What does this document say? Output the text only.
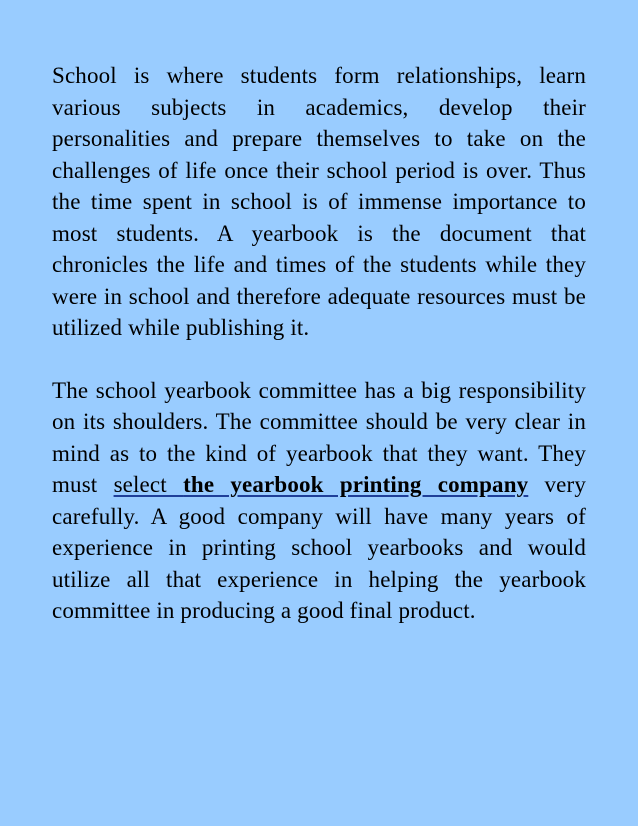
School is where students form relationships, learn various subjects in academics, develop their personalities and prepare themselves to take on the challenges of life once their school period is over. Thus the time spent in school is of immense importance to most students. A yearbook is the document that chronicles the life and times of the students while they were in school and therefore adequate resources must be utilized while publishing it.

The school yearbook committee has a big responsibility on its shoulders. The committee should be very clear in mind as to the kind of yearbook that they want. They must select the yearbook printing company very carefully. A good company will have many years of experience in printing school yearbooks and would utilize all that experience in helping the yearbook committee in producing a good final product.
